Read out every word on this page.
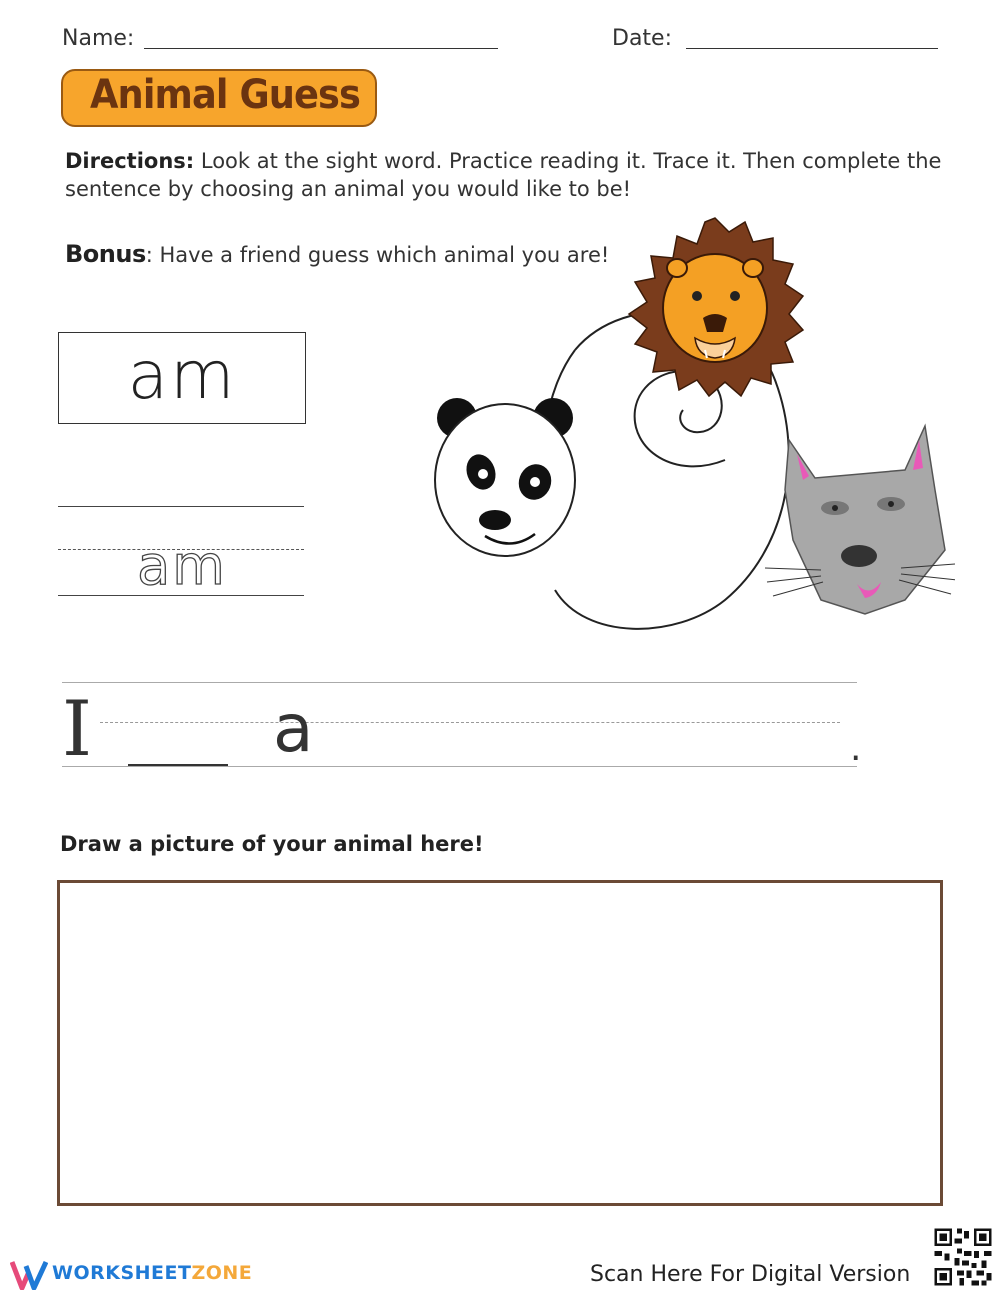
Name:	Date:
Animal Guess
Directions: Look at the sight word. Practice reading it. Trace it. Then complete the sentence by choosing an animal you would like to be!
Bonus: Have a friend guess which animal you are!
am
am
I	a	.
Draw a picture of your animal here!
WORKSHEETZONE	Scan Here For Digital Version
